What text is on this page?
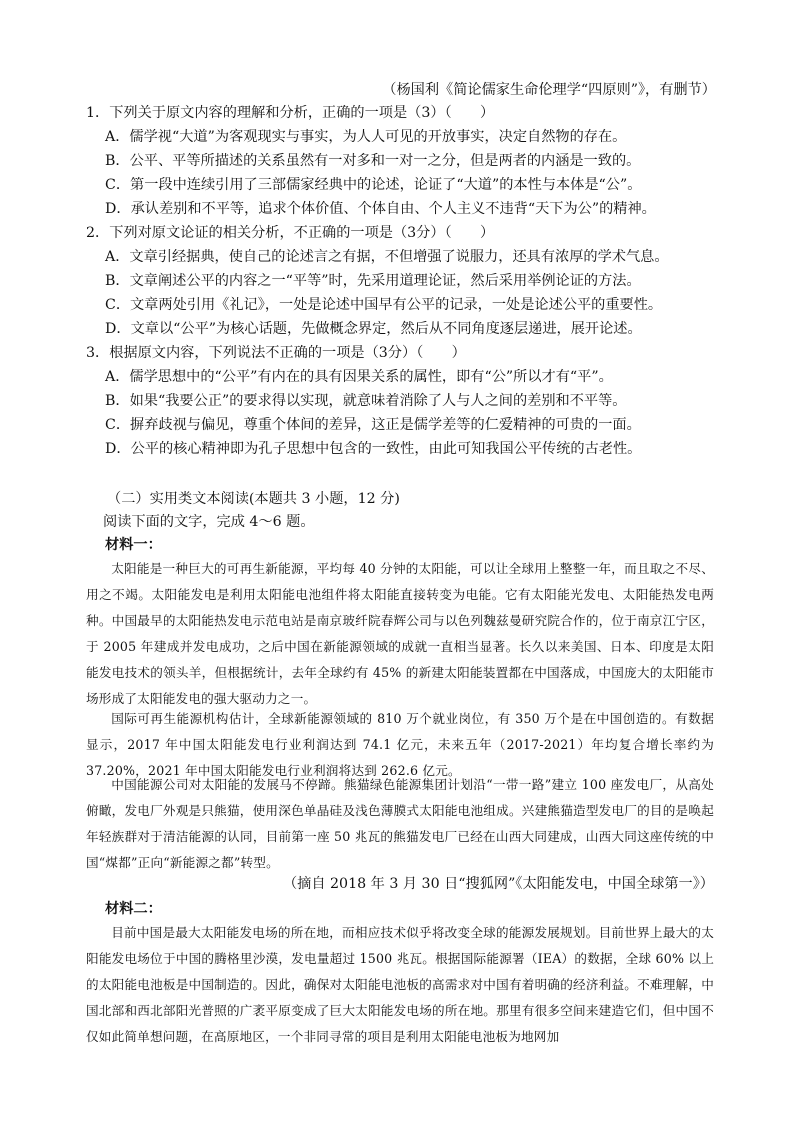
（杨国利《简论儒家生命伦理学“四原则”》，有删节）
1．下列关于原文内容的理解和分析，正确的一项是（3）（　　）
A．儒学视“大道”为客观现实与事实，为人人可见的开放事实，决定自然物的存在。
B．公平、平等所描述的关系虽然有一对多和一对一之分，但是两者的内涵是一致的。
C．第一段中连续引用了三部儒家经典中的论述，论证了“大道”的本性与本体是“公”。
D．承认差别和不平等，追求个体价值、个体自由、个人主义不违背“天下为公”的精神。
2．下列对原文论证的相关分析，不正确的一项是（3分）（　　）
A．文章引经据典，使自己的论述言之有据，不但增强了说服力，还具有浓厚的学术气息。
B．文章阐述公平的内容之一“平等”时，先采用道理论证，然后采用举例论证的方法。
C．文章两处引用《礼记》，一处是论述中国早有公平的记录，一处是论述公平的重要性。
D．文章以“公平”为核心话题，先做概念界定，然后从不同角度逐层递进，展开论述。
3．根据原文内容，下列说法不正确的一项是（3分）（　　）
A．儒学思想中的“公平”有内在的具有因果关系的属性，即有“公”所以才有“平”。
B．如果“我要公正”的要求得以实现，就意味着消除了人与人之间的差别和不平等。
C．摒弃歧视与偏见，尊重个体间的差异，这正是儒学差等的仁爱精神的可贵的一面。
D．公平的核心精神即为孔子思想中包含的一致性，由此可知我国公平传统的古老性。
（二）实用类文本阅读(本题共 3 小题，12 分)
阅读下面的文字，完成 4～6 题。
材料一：
太阳能是一种巨大的可再生新能源，平均每 40 分钟的太阳能，可以让全球用上整整一年，而且取之不尽、用之不竭。太阳能发电是利用太阳能电池组件将太阳能直接转变为电能。它有太阳能光发电、太阳能热发电两种。中国最早的太阳能热发电示范电站是南京玻纤院春辉公司与以色列魏兹曼研究院合作的，位于南京江宁区，于 2005 年建成并发电成功，之后中国在新能源领域的成就一直相当显著。长久以来美国、日本、印度是太阳能发电技术的领头羊，但根据统计，去年全球约有 45% 的新建太阳能装置都在中国落成，中国庞大的太阳能市场形成了太阳能发电的强大驱动力之一。
国际可再生能源机构估计，全球新能源领域的 810 万个就业岗位，有 350 万个是在中国创造的。有数据显示，2017 年中国太阳能发电行业利润达到 74.1 亿元，未来五年（2017-2021）年均复合增长率约为 37.20%，2021 年中国太阳能发电行业利润将达到 262.6 亿元。
中国能源公司对太阳能的发展马不停蹄。熊猫绿色能源集团计划沿“一带一路”建立 100 座发电厂，从高处俯瞰，发电厂外观是只熊猫，使用深色单晶硅及浅色薄膜式太阳能电池组成。兴建熊猫造型发电厂的目的是唤起年轻族群对于清洁能源的认同，目前第一座 50 兆瓦的熊猫发电厂已经在山西大同建成，山西大同这座传统的中国“煤都”正向“新能源之都”转型。
（摘自 2018 年 3 月 30 日“搜狐网”《太阳能发电，中国全球第一》）
材料二：
目前中国是最大太阳能发电场的所在地，而相应技术似乎将改变全球的能源发展规划。目前世界上最大的太阳能发电场位于中国的腾格里沙漠，发电量超过 1500 兆瓦。根据国际能源署（IEA）的数据，全球 60% 以上的太阳能电池板是中国制造的。因此，确保对太阳能电池板的高需求对中国有着明确的经济利益。不难理解，中国北部和西北部阳光普照的广袤平原变成了巨大太阳能发电场的所在地。那里有很多空间来建造它们，但中国不仅如此简单想问题，在高原地区，一个非同寻常的项目是利用太阳能电池板为地网加
